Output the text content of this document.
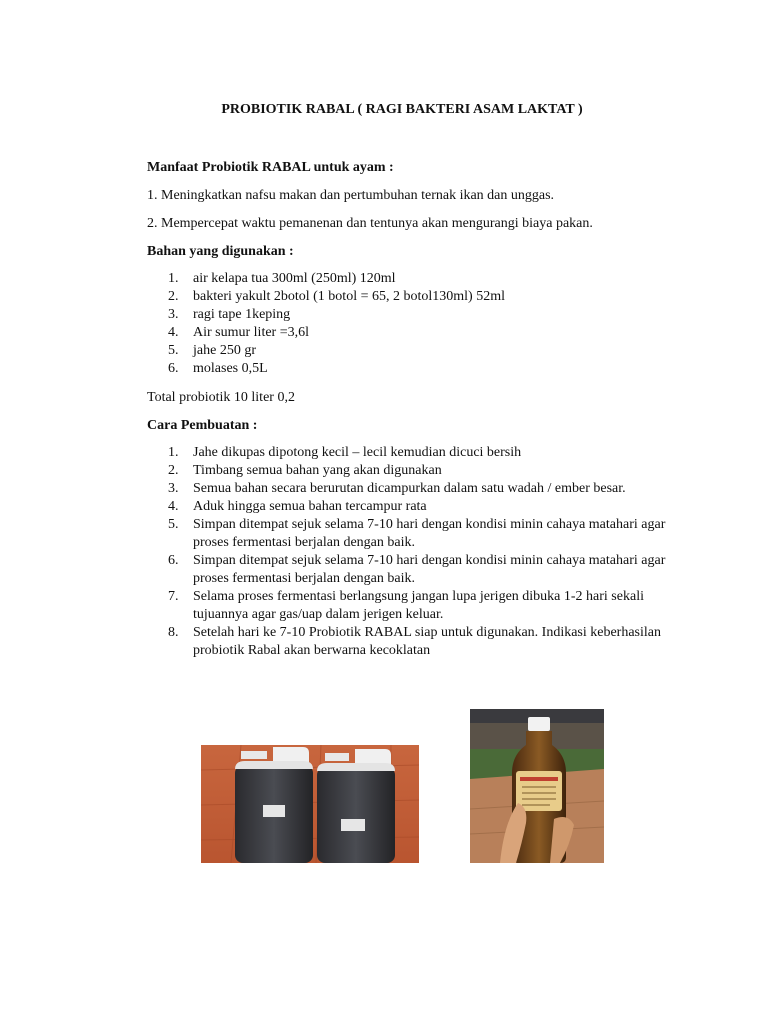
PROBIOTIK RABAL ( RAGI BAKTERI ASAM LAKTAT )
Manfaat Probiotik RABAL untuk ayam :
1. Meningkatkan nafsu makan dan pertumbuhan ternak ikan dan unggas.
2. Mempercepat waktu pemanenan dan tentunya akan mengurangi biaya pakan.
Bahan yang digunakan :
1. air kelapa tua 300ml (250ml) 120ml
2. bakteri yakult 2botol (1 botol = 65, 2 botol130ml) 52ml
3. ragi tape 1keping
4. Air sumur liter =3,6l
5. jahe 250 gr
6. molases 0,5L
Total probiotik 10 liter 0,2
Cara Pembuatan :
1. Jahe dikupas dipotong kecil – lecil kemudian dicuci bersih
2. Timbang semua bahan yang akan digunakan
3. Semua bahan secara berurutan dicampurkan dalam satu wadah / ember besar.
4. Aduk hingga semua bahan tercampur rata
5. Simpan ditempat sejuk selama 7-10 hari dengan kondisi minin cahaya matahari agar proses fermentasi berjalan dengan baik.
6. Simpan ditempat sejuk selama 7-10 hari dengan kondisi minin cahaya matahari agar proses fermentasi berjalan dengan baik.
7. Selama proses fermentasi berlangsung jangan lupa jerigen dibuka 1-2 hari sekali tujuannya agar gas/uap dalam jerigen keluar.
8. Setelah hari ke 7-10 Probiotik RABAL siap untuk digunakan. Indikasi keberhasilan probiotik Rabal akan berwarna kecoklatan
